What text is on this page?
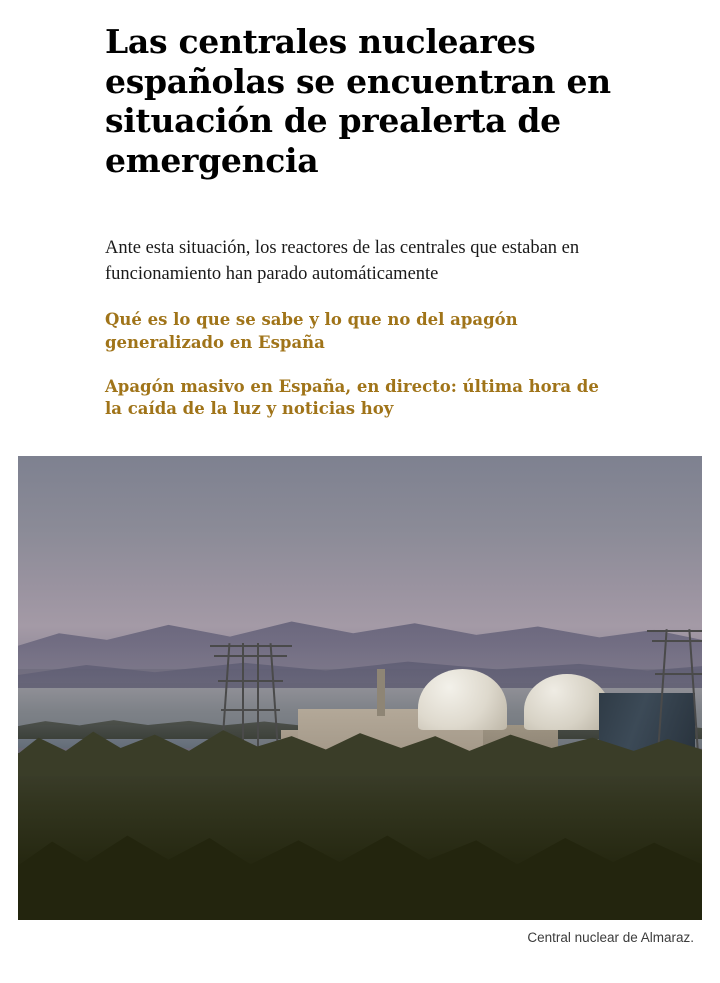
Las centrales nucleares españolas se encuentran en situación de prealerta de emergencia

Ante esta situación, los reactores de las centrales que estaban en funcionamiento han parado automáticamente

Qué es lo que se sabe y lo que no del apagón generalizado en España
Apagón masivo en España, en directo: última hora de la caída de la luz y noticias hoy
Central nuclear de Almaraz.
